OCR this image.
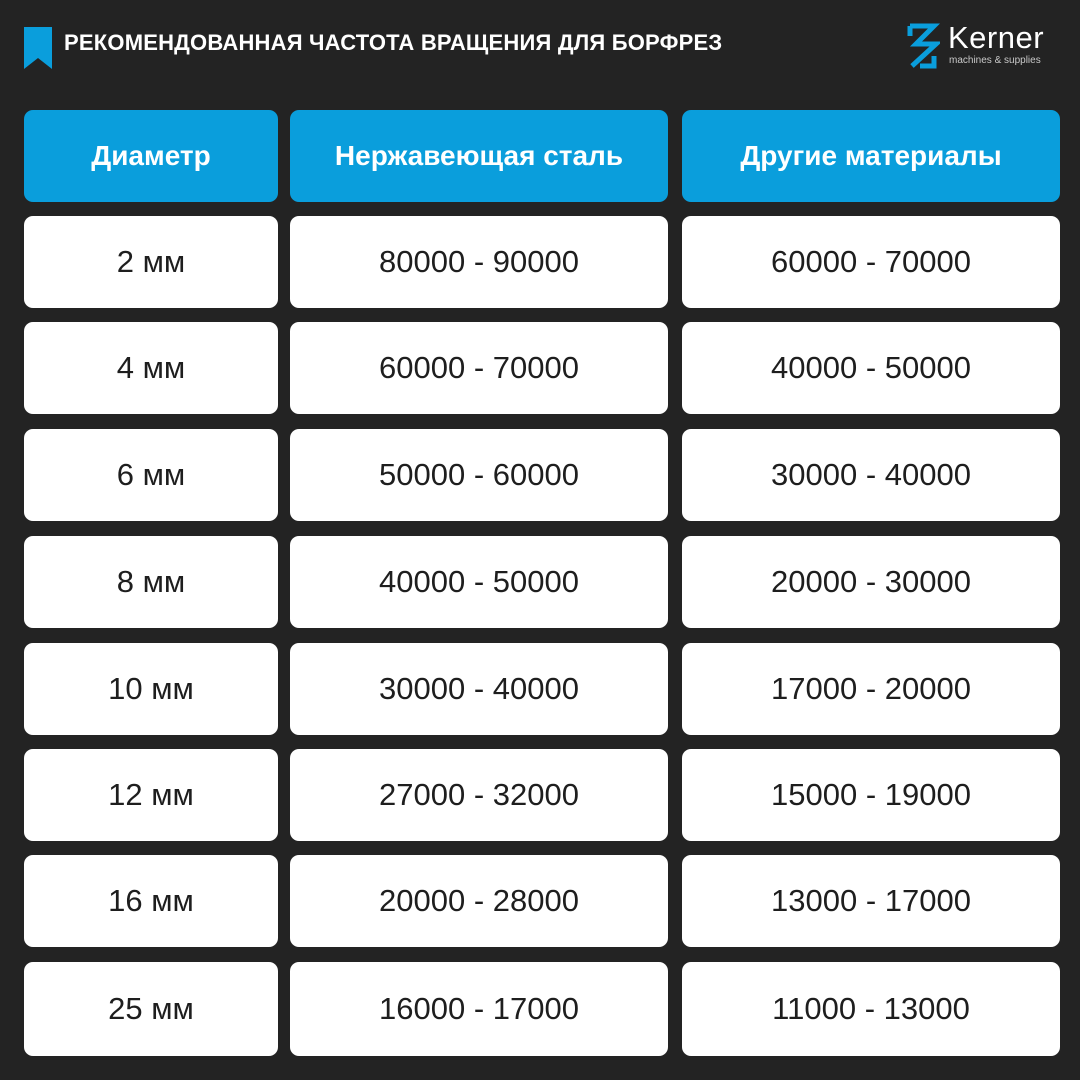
РЕКОМЕНДОВАННАЯ ЧАСТОТА ВРАЩЕНИЯ ДЛЯ БОРФРЕЗ	Kerner
machines & supplies
Диаметр	Нержавеющая сталь	Другие материалы
2 мм	80000 - 90000	60000 - 70000
4 мм	60000 - 70000	40000 - 50000
6 мм	50000 - 60000	30000 - 40000
8 мм	40000 - 50000	20000 - 30000
10 мм	30000 - 40000	17000 - 20000
12 мм	27000 - 32000	15000 - 19000
16 мм	20000 - 28000	13000 - 17000
25 мм	16000 - 17000	11000 - 13000
